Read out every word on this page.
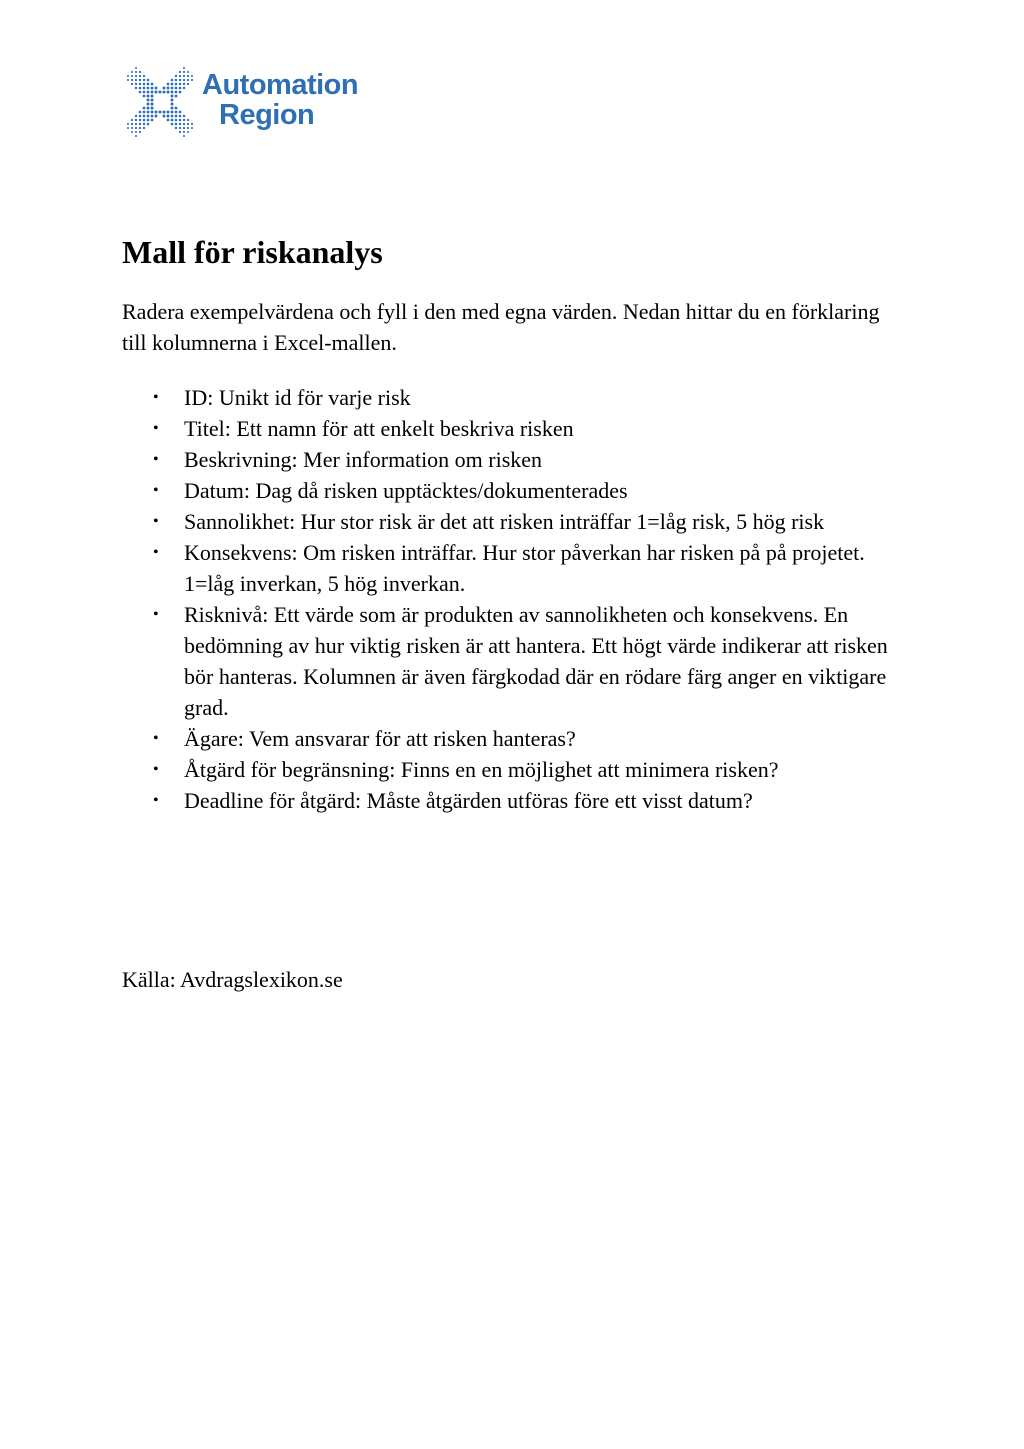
Automation
Region
Mall för riskanalys

Radera exempelvärdena och fyll i den med egna värden. Nedan hittar du en förklaring till kolumnerna i Excel-mallen.

• ID: Unikt id för varje risk
• Titel: Ett namn för att enkelt beskriva risken
• Beskrivning: Mer information om risken
• Datum: Dag då risken upptäcktes/dokumenterades
• Sannolikhet: Hur stor risk är det att risken inträffar 1=låg risk, 5 hög risk
• Konsekvens: Om risken inträffar. Hur stor påverkan har risken på på projetet. 1=låg inverkan, 5 hög inverkan.
• Risknivå: Ett värde som är produkten av sannolikheten och konsekvens. En bedömning av hur viktig risken är att hantera. Ett högt värde indikerar att risken bör hanteras. Kolumnen är även färgkodad där en rödare färg anger en viktigare grad.
• Ägare: Vem ansvarar för att risken hanteras?
• Åtgärd för begränsning: Finns en en möjlighet att minimera risken?
• Deadline för åtgärd: Måste åtgärden utföras före ett visst datum?

Källa: Avdragslexikon.se
